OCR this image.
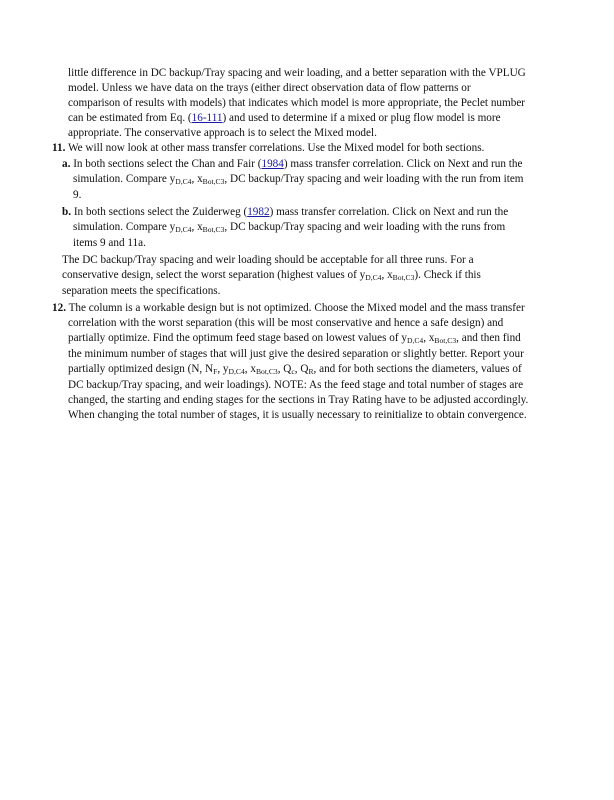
little difference in DC backup/Tray spacing and weir loading, and a better separation with the VPLUG
model. Unless we have data on the trays (either direct observation data of flow patterns or
comparison of results with models) that indicates which model is more appropriate, the Peclet number
can be estimated from Eq. (16-111) and used to determine if a mixed or plug flow model is more
appropriate. The conservative approach is to select the Mixed model.
11. We will now look at other mass transfer correlations. Use the Mixed model for both sections.
a. In both sections select the Chan and Fair (1984) mass transfer correlation. Click on Next and run the
simulation. Compare $y_{D,C4}$, $x_{Bot,C3}$, DC backup/Tray spacing and weir loading with the run from item
9.
b. In both sections select the Zuiderweg (1982) mass transfer correlation. Click on Next and run the
simulation. Compare $y_{D,C4}$, $x_{Bot,C3}$, DC backup/Tray spacing and weir loading with the runs from
items 9 and 11a.
The DC backup/Tray spacing and weir loading should be acceptable for all three runs. For a
conservative design, select the worst separation (highest values of $y_{D,C4}$, $x_{Bot,C3}$). Check if this
separation meets the specifications.
12. The column is a workable design but is not optimized. Choose the Mixed model and the mass transfer
correlation with the worst separation (this will be most conservative and hence a safe design) and
partially optimize. Find the optimum feed stage based on lowest values of $y_{D,C4}$, $x_{Bot,C3}$, and then find
the minimum number of stages that will just give the desired separation or slightly better. Report your
partially optimized design (N, $N_F$, $y_{D,C4}$, $x_{Bot,C3}$, $Q_c$, $Q_R$, and for both sections the diameters, values of
DC backup/Tray spacing, and weir loadings). NOTE: As the feed stage and total number of stages are
changed, the starting and ending stages for the sections in Tray Rating have to be adjusted accordingly.
When changing the total number of stages, it is usually necessary to reinitialize to obtain convergence.
